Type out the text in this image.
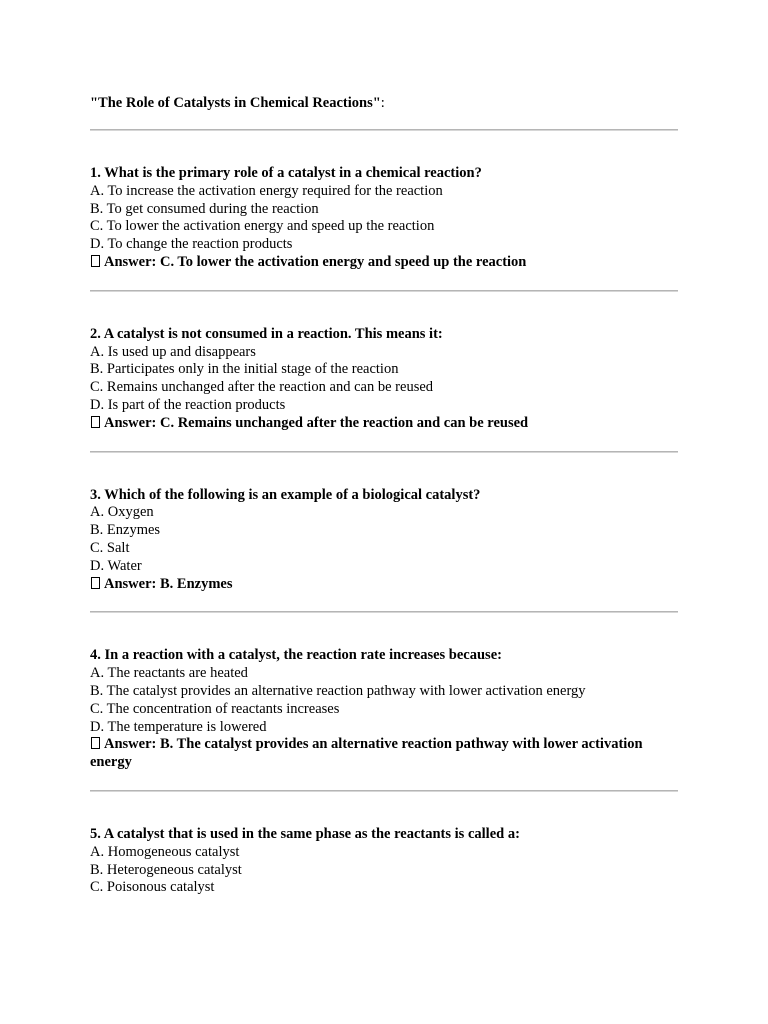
"The Role of Catalysts in Chemical Reactions":

1. What is the primary role of a catalyst in a chemical reaction?
A. To increase the activation energy required for the reaction
B. To get consumed during the reaction
C. To lower the activation energy and speed up the reaction
D. To change the reaction products
Answer: C. To lower the activation energy and speed up the reaction
2. A catalyst is not consumed in a reaction. This means it:
A. Is used up and disappears
B. Participates only in the initial stage of the reaction
C. Remains unchanged after the reaction and can be reused
D. Is part of the reaction products
Answer: C. Remains unchanged after the reaction and can be reused
3. Which of the following is an example of a biological catalyst?
A. Oxygen
B. Enzymes
C. Salt
D. Water
Answer: B. Enzymes
4. In a reaction with a catalyst, the reaction rate increases because:
A. The reactants are heated
B. The catalyst provides an alternative reaction pathway with lower activation energy
C. The concentration of reactants increases
D. The temperature is lowered
Answer: B. The catalyst provides an alternative reaction pathway with lower activation energy
5. A catalyst that is used in the same phase as the reactants is called a:
A. Homogeneous catalyst
B. Heterogeneous catalyst
C. Poisonous catalyst
